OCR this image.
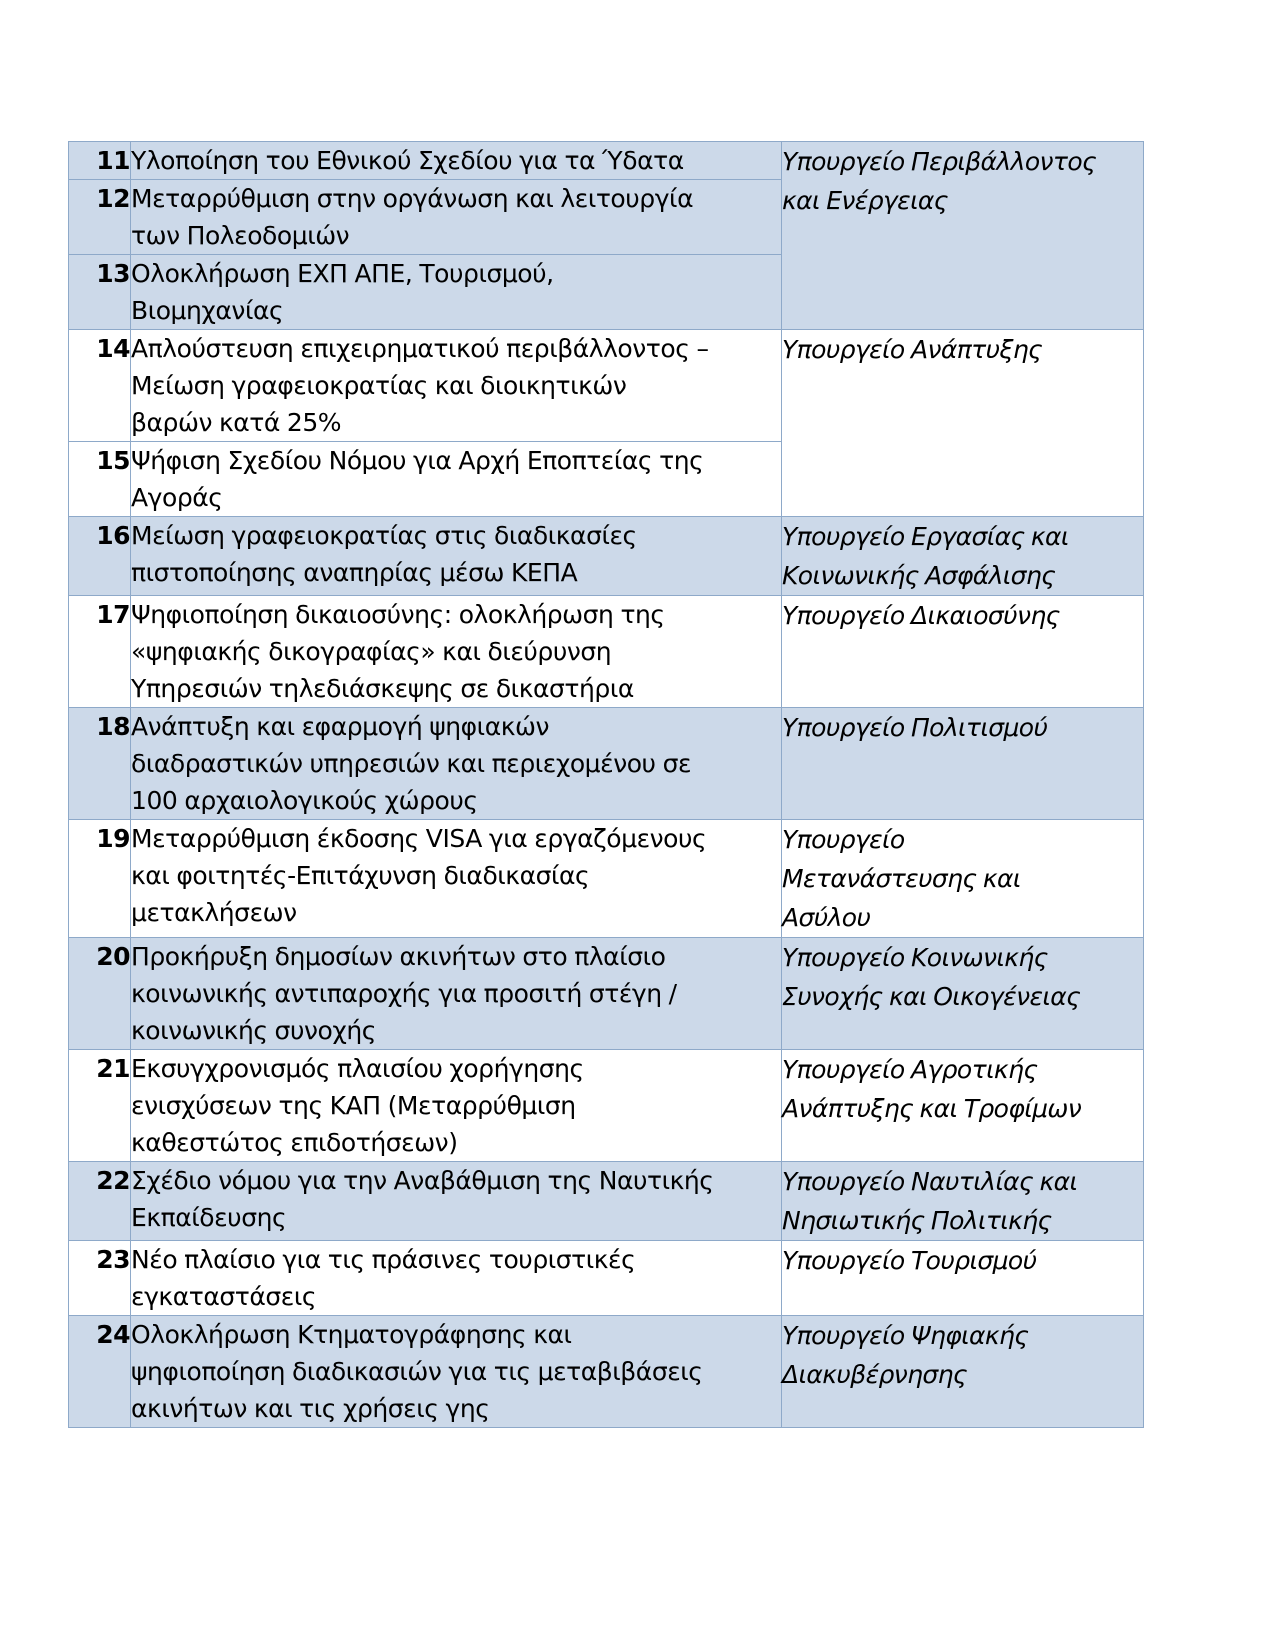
11	Υλοποίηση του Εθνικού Σχεδίου για τα Ύδατα	Υπουργείο Περιβάλλοντος
και Ενέργειας

12	Μεταρρύθμιση στην οργάνωση και λειτουργία
των Πολεοδομιών	

13	Ολοκλήρωση ΕΧΠ ΑΠΕ, Τουρισμού,
Βιομηχανίας	

14	Απλούστευση επιχειρηματικού περιβάλλοντος –
Μείωση γραφειοκρατίας και διοικητικών
βαρών κατά 25%	Υπουργείο Ανάπτυξης

15	Ψήφιση Σχεδίου Νόμου για Αρχή Εποπτείας της
Αγοράς	

16	Μείωση γραφειοκρατίας στις διαδικασίες
πιστοποίησης αναπηρίας μέσω ΚΕΠΑ	Υπουργείο Εργασίας και
Κοινωνικής Ασφάλισης

17	Ψηφιοποίηση δικαιοσύνης: ολοκλήρωση της
«ψηφιακής δικογραφίας» και διεύρυνση
Υπηρεσιών τηλεδιάσκεψης σε δικαστήρια	Υπουργείο Δικαιοσύνης

18	Ανάπτυξη και εφαρμογή ψηφιακών
διαδραστικών υπηρεσιών και περιεχομένου σε
100 αρχαιολογικούς χώρους	Υπουργείο Πολιτισμού

19	Μεταρρύθμιση έκδοσης VISA για εργαζόμενους
και φοιτητές-Επιτάχυνση διαδικασίας
μετακλήσεων	Υπουργείο
Μετανάστευσης και
Ασύλου

20	Προκήρυξη δημοσίων ακινήτων στο πλαίσιο
κοινωνικής αντιπαροχής για προσιτή στέγη /
κοινωνικής συνοχής	Υπουργείο Κοινωνικής
Συνοχής και Οικογένειας

21	Εκσυγχρονισμός πλαισίου χορήγησης
ενισχύσεων της ΚΑΠ (Μεταρρύθμιση
καθεστώτος επιδοτήσεων)	Υπουργείο Αγροτικής
Ανάπτυξης και Τροφίμων

22	Σχέδιο νόμου για την Αναβάθμιση της Ναυτικής
Εκπαίδευσης	Υπουργείο Ναυτιλίας και
Νησιωτικής Πολιτικής

23	Νέο πλαίσιο για τις πράσινες τουριστικές
εγκαταστάσεις	Υπουργείο Τουρισμού

24	Ολοκλήρωση Κτηματογράφησης και
ψηφιοποίηση διαδικασιών για τις μεταβιβάσεις
ακινήτων και τις χρήσεις γης	Υπουργείο Ψηφιακής
Διακυβέρνησης
